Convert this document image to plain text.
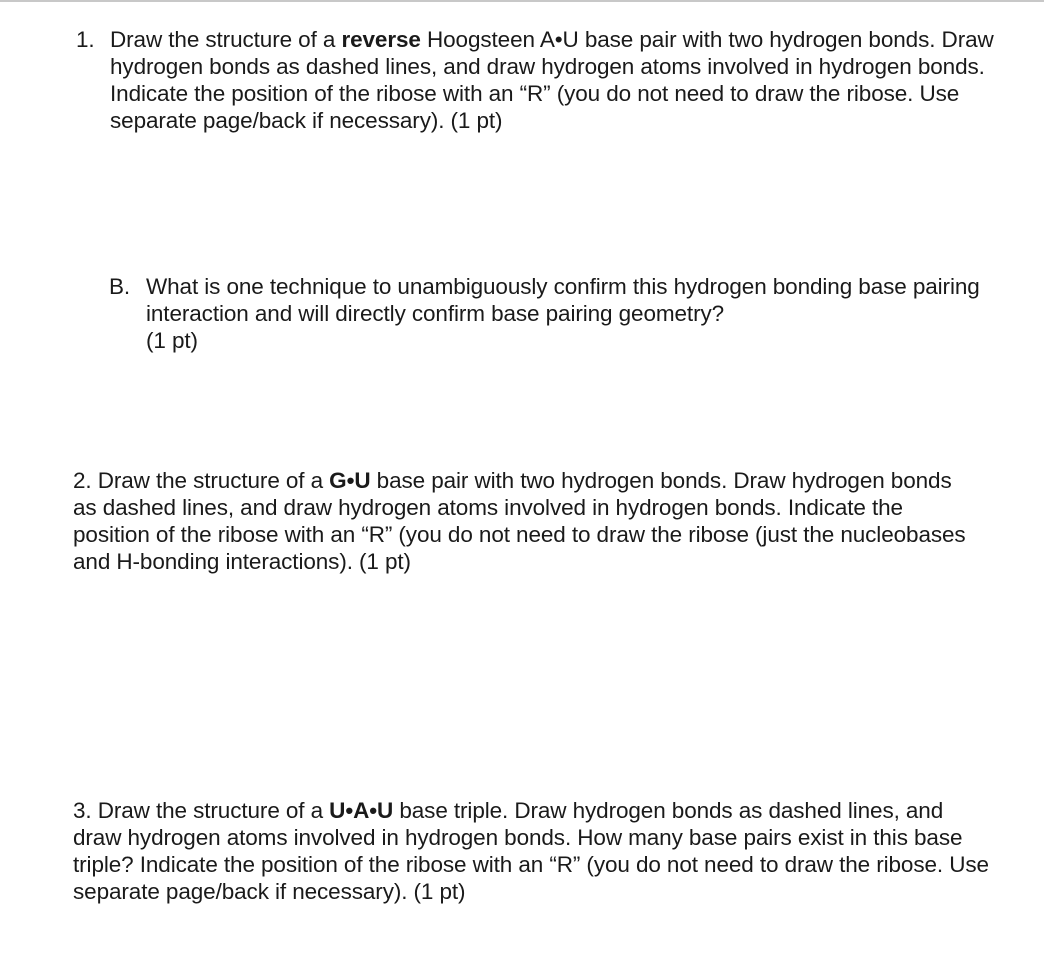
1. Draw the structure of a reverse Hoogsteen A•U base pair with two hydrogen bonds. Draw hydrogen bonds as dashed lines, and draw hydrogen atoms involved in hydrogen bonds. Indicate the position of the ribose with an “R” (you do not need to draw the ribose. Use separate page/back if necessary). (1 pt)

B. What is one technique to unambiguously confirm this hydrogen bonding base pairing interaction and will directly confirm base pairing geometry?
(1 pt)

2. Draw the structure of a G•U base pair with two hydrogen bonds. Draw hydrogen bonds as dashed lines, and draw hydrogen atoms involved in hydrogen bonds. Indicate the position of the ribose with an “R” (you do not need to draw the ribose (just the nucleobases and H-bonding interactions). (1 pt)

3. Draw the structure of a U•A•U base triple. Draw hydrogen bonds as dashed lines, and draw hydrogen atoms involved in hydrogen bonds. How many base pairs exist in this base triple? Indicate the position of the ribose with an “R” (you do not need to draw the ribose. Use separate page/back if necessary). (1 pt)
